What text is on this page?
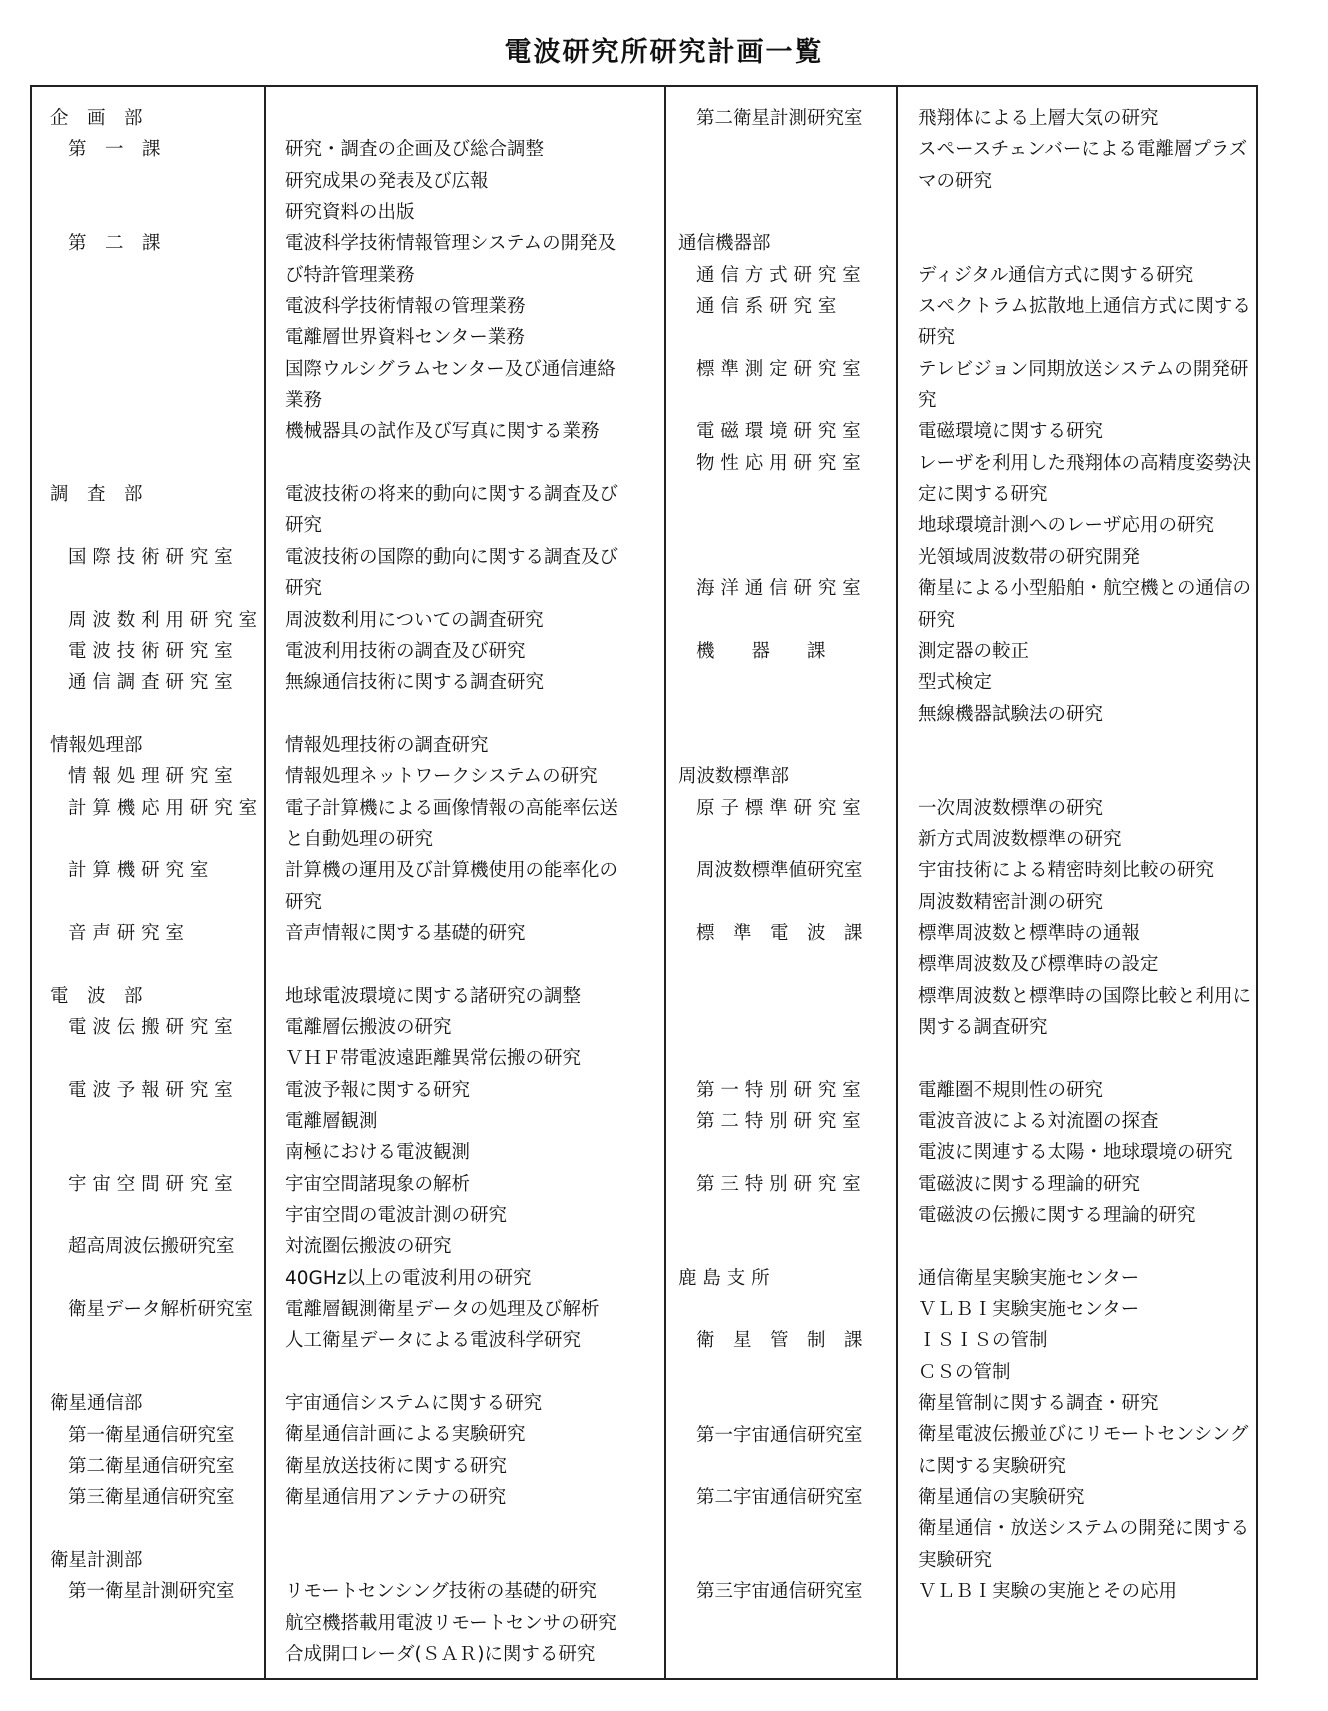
電波研究所研究計画一覧
企　画　部
第　一　課
第　二　課
調　査　部
国 際 技 術 研 究 室
周 波 数 利 用 研 究 室
電 波 技 術 研 究 室
通 信 調 査 研 究 室
情報処理部
情 報 処 理 研 究 室
計 算 機 応 用 研 究 室
計 算 機 研 究 室
音 声 研 究 室
電　波　部
電 波 伝 搬 研 究 室
電 波 予 報 研 究 室
宇 宙 空 間 研 究 室
超高周波伝搬研究室
衛星データ解析研究室
衛星通信部
第一衛星通信研究室
第二衛星通信研究室
第三衛星通信研究室
衛星計測部
第一衛星計測研究室
研究・調査の企画及び総合調整
研究成果の発表及び広報
研究資料の出版
電波科学技術情報管理システムの開発及
び特許管理業務
電波科学技術情報の管理業務
電離層世界資料センター業務
国際ウルシグラムセンター及び通信連絡
業務
機械器具の試作及び写真に関する業務
電波技術の将来的動向に関する調査及び
研究
電波技術の国際的動向に関する調査及び
研究
周波数利用についての調査研究
電波利用技術の調査及び研究
無線通信技術に関する調査研究
情報処理技術の調査研究
情報処理ネットワークシステムの研究
電子計算機による画像情報の高能率伝送
と自動処理の研究
計算機の運用及び計算機使用の能率化の
研究
音声情報に関する基礎的研究
地球電波環境に関する諸研究の調整
電離層伝搬波の研究
ＶＨＦ帯電波遠距離異常伝搬の研究
電波予報に関する研究
電離層観測
南極における電波観測
宇宙空間諸現象の解析
宇宙空間の電波計測の研究
対流圏伝搬波の研究
40GHz以上の電波利用の研究
電離層観測衛星データの処理及び解析
人工衛星データによる電波科学研究
宇宙通信システムに関する研究
衛星通信計画による実験研究
衛星放送技術に関する研究
衛星通信用アンテナの研究
リモートセンシング技術の基礎的研究
航空機搭載用電波リモートセンサの研究
合成開口レーダ(ＳＡＲ)に関する研究
第二衛星計測研究室
通信機器部
通 信 方 式 研 究 室
通 信 系 研 究 室
標 準 測 定 研 究 室
電 磁 環 境 研 究 室
物 性 応 用 研 究 室
海 洋 通 信 研 究 室
機　　器　　課
周波数標準部
原 子 標 準 研 究 室
周波数標準値研究室
標　準　電　波　課
第 一 特 別 研 究 室
第 二 特 別 研 究 室
第 三 特 別 研 究 室
鹿 島 支 所
衛　星　管　制　課
第一宇宙通信研究室
第二宇宙通信研究室
第三宇宙通信研究室
飛翔体による上層大気の研究
スペースチェンバーによる電離層プラズ
マの研究
ディジタル通信方式に関する研究
スペクトラム拡散地上通信方式に関する
研究
テレビジョン同期放送システムの開発研
究
電磁環境に関する研究
レーザを利用した飛翔体の高精度姿勢決
定に関する研究
地球環境計測へのレーザ応用の研究
光領域周波数帯の研究開発
衛星による小型船舶・航空機との通信の
研究
測定器の較正
型式検定
無線機器試験法の研究
一次周波数標準の研究
新方式周波数標準の研究
宇宙技術による精密時刻比較の研究
周波数精密計測の研究
標準周波数と標準時の通報
標準周波数及び標準時の設定
標準周波数と標準時の国際比較と利用に
関する調査研究
電離圏不規則性の研究
電波音波による対流圏の探査
電波に関連する太陽・地球環境の研究
電磁波に関する理論的研究
電磁波の伝搬に関する理論的研究
通信衛星実験実施センター
ＶＬＢＩ実験実施センター
ＩＳＩＳの管制
ＣＳの管制
衛星管制に関する調査・研究
衛星電波伝搬並びにリモートセンシング
に関する実験研究
衛星通信の実験研究
衛星通信・放送システムの開発に関する
実験研究
ＶＬＢＩ実験の実施とその応用
